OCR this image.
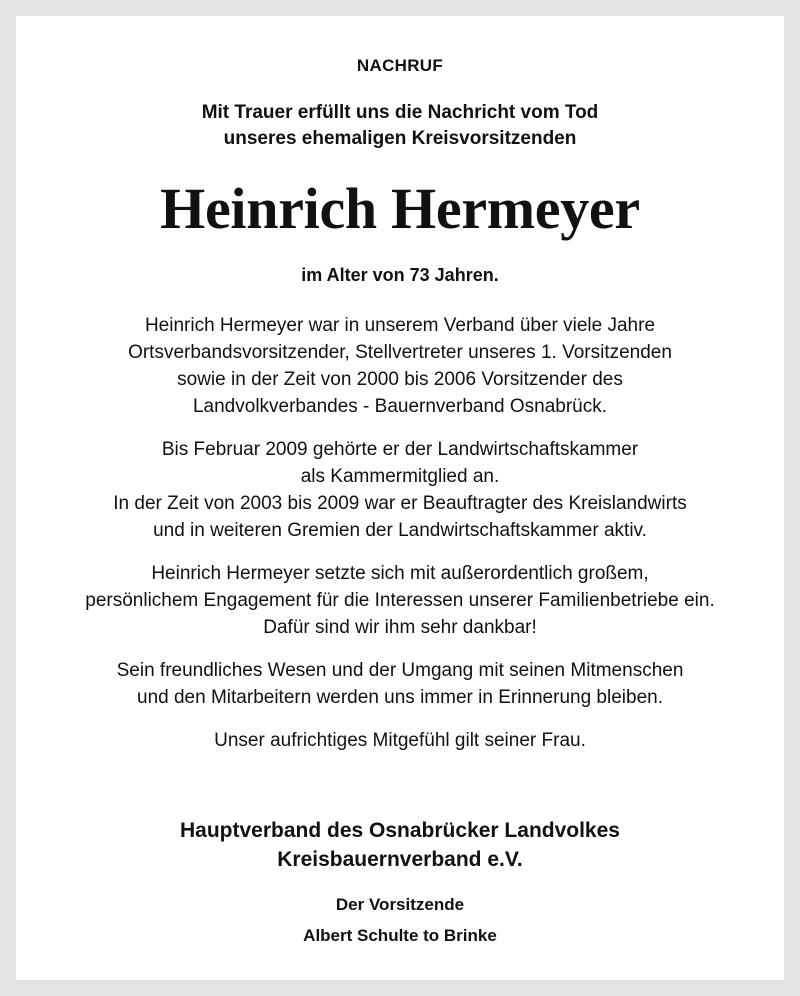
NACHRUF
Mit Trauer erfüllt uns die Nachricht vom Tod
unseres ehemaligen Kreisvorsitzenden
Heinrich Hermeyer
im Alter von 73 Jahren.

Heinrich Hermeyer war in unserem Verband über viele Jahre
Ortsverbandsvorsitzender, Stellvertreter unseres 1. Vorsitzenden
sowie in der Zeit von 2000 bis 2006 Vorsitzender des
Landvolkverbandes - Bauernverband Osnabrück.

Bis Februar 2009 gehörte er der Landwirtschaftskammer
als Kammermitglied an.
In der Zeit von 2003 bis 2009 war er Beauftragter des Kreislandwirts
und in weiteren Gremien der Landwirtschaftskammer aktiv.

Heinrich Hermeyer setzte sich mit außerordentlich großem,
persönlichem Engagement für die Interessen unserer Familienbetriebe ein.
Dafür sind wir ihm sehr dankbar!

Sein freundliches Wesen und der Umgang mit seinen Mitmenschen
und den Mitarbeitern werden uns immer in Erinnerung bleiben.

Unser aufrichtiges Mitgefühl gilt seiner Frau.

Hauptverband des Osnabrücker Landvolkes
Kreisbauernverband e.V.
Der Vorsitzende
Albert Schulte to Brinke
